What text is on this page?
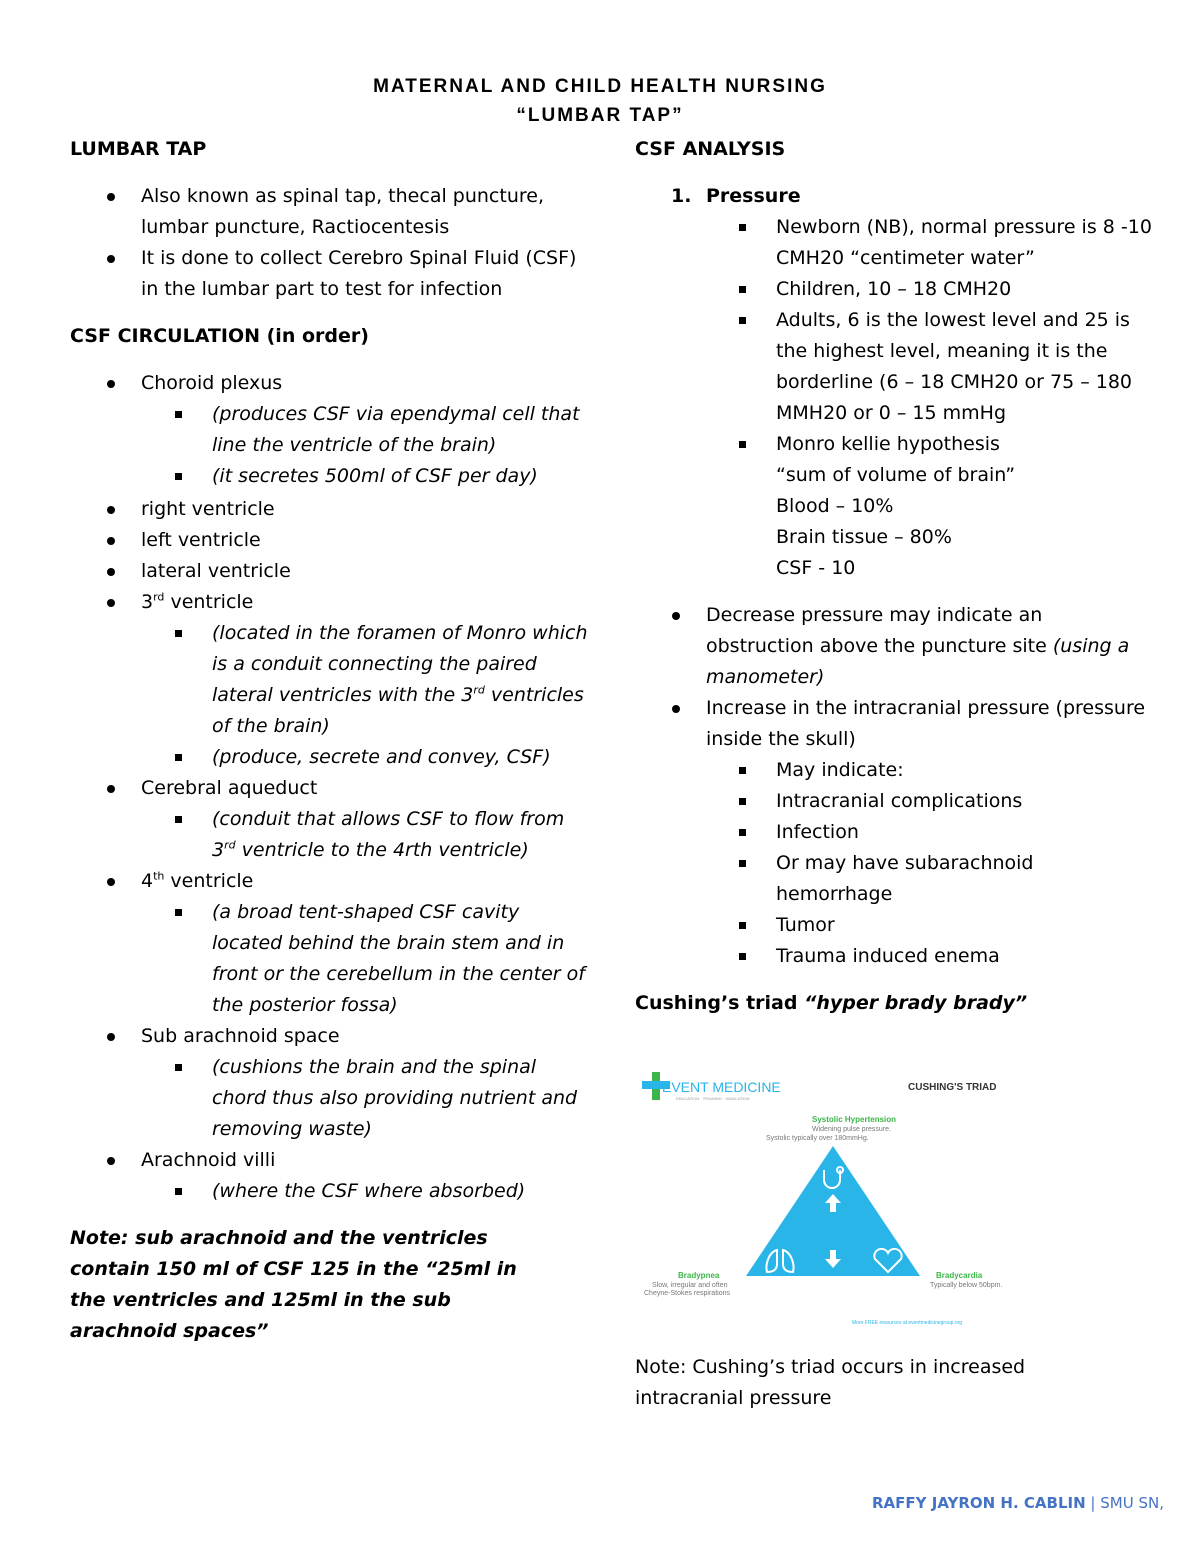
MATERNAL AND CHILD HEALTH NURSING
“LUMBAR TAP”
LUMBAR TAP
Also known as spinal tap, thecal puncture, lumbar puncture, Ractiocentesis
It is done to collect Cerebro Spinal Fluid (CSF) in the lumbar part to test for infection
CSF CIRCULATION (in order)
Choroid plexus
(produces CSF via ependymal cell that line the ventricle of the brain)
(it secretes 500ml of CSF per day)
right ventricle
left ventricle
lateral ventricle
3rd ventricle
(located in the foramen of Monro which is a conduit connecting the paired lateral ventricles with the 3rd ventricles of the brain)
(produce, secrete and convey, CSF)
Cerebral aqueduct
(conduit that allows CSF to flow from 3rd ventricle to the 4rth ventricle)
4th ventricle
(a broad tent-shaped CSF cavity located behind the brain stem and in front or the cerebellum in the center of the posterior fossa)
Sub arachnoid space
(cushions the brain and the spinal chord thus also providing nutrient and removing waste)
Arachnoid villi
(where the CSF where absorbed)
Note: sub arachnoid and the ventricles contain 150 ml of CSF 125 in the “25ml in the ventricles and 125ml in the sub arachnoid spaces”
CSF ANALYSIS
1. Pressure
Newborn (NB), normal pressure is 8 -10 CMH20 “centimeter water”
Children, 10 – 18 CMH20
Adults, 6 is the lowest level and 25 is the highest level, meaning it is the borderline (6 – 18 CMH20 or 75 – 180 MMH20 or 0 – 15 mmHg
Monro kellie hypothesis
“sum of volume of brain”
Blood – 10%
Brain tissue – 80%
CSF - 10
Decrease pressure may indicate an obstruction above the puncture site (using a manometer)
Increase in the intracranial pressure (pressure inside the skull)
May indicate:
Intracranial complications
Infection
Or may have subarachnoid hemorrhage
Tumor
Trauma induced enema
Cushing’s triad “hyper brady brady”
Note: Cushing’s triad occurs in increased intracranial pressure
EVENT MEDICINE
EDUCATION · TRAINING · SIMULATION
CUSHING'S TRIAD
Systolic Hypertension
Widening pulse pressure.
Systolic typically over 180mmHg.
Bradypnea
Slow, irregular and often
Cheyne-Stokes respirations
Bradycardia
Typically below 50bpm.
More FREE resources at eventmedicinegroup.org
RAFFY JAYRON H. CABLIN | SMU SN,
